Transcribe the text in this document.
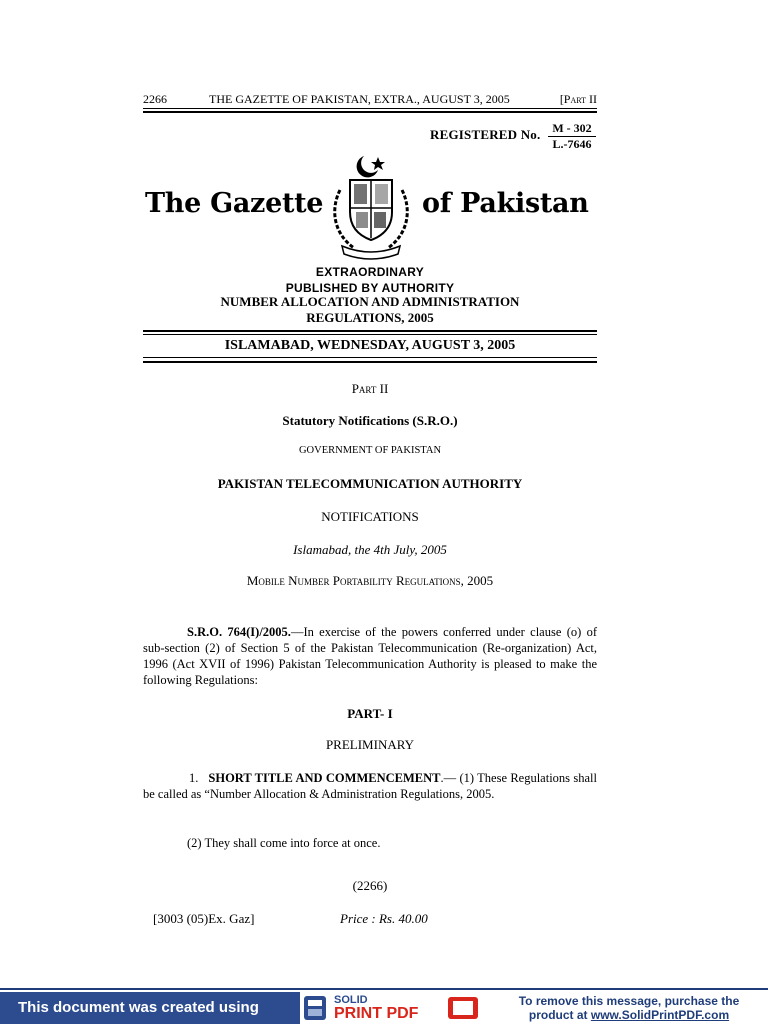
2266	THE GAZETTE OF PAKISTAN, EXTRA., AUGUST 3, 2005	[Part II
REGISTERED No. $\frac{M - 302}{L.-7646}$
The Gazette	of Pakistan
EXTRAORDINARY
PUBLISHED BY AUTHORITY
NUMBER ALLOCATION AND ADMINISTRATION
REGULATIONS, 2005
ISLAMABAD, WEDNESDAY, AUGUST 3, 2005
Part II
Statutory Notifications (S.R.O.)
GOVERNMENT OF PAKISTAN
PAKISTAN TELECOMMUNICATION AUTHORITY
NOTIFICATIONS
Islamabad, the 4th July, 2005
Mobile Number Portability Regulations, 2005

S.R.O. 764(I)/2005.—In exercise of the powers conferred under clause (o) of sub-section (2) of Section 5 of the Pakistan Telecommunication (Re-organization) Act, 1996 (Act XVII of 1996) Pakistan Telecommunication Authority is pleased to make the following Regulations:

PART- I
PRELIMINARY

1. SHORT TITLE AND COMMENCEMENT.— (1) These Regulations shall be called as “Number Allocation & Administration Regulations, 2005.

(2) They shall come into force at once.

(2266)
[3003 (05)Ex. Gaz]	Price : Rs. 40.00
This document was created using	SOLID
PRINT PDF
To remove this message, purchase the
product at www.SolidPrintPDF.com
